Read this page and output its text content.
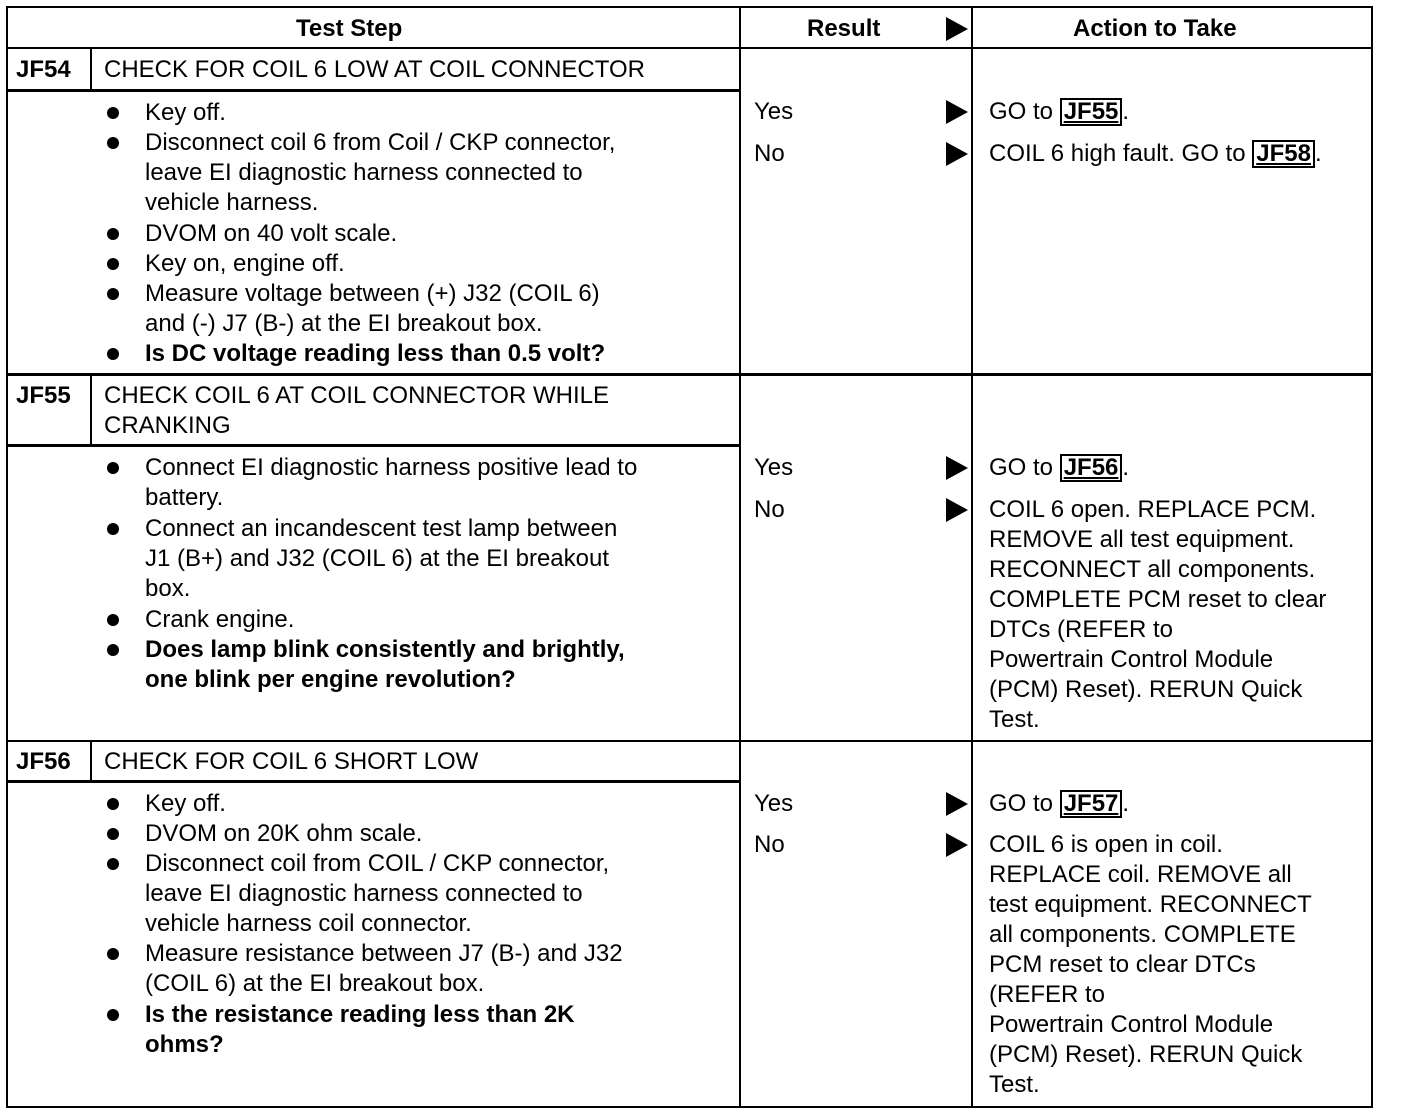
Test Step	Result	Action to Take
JF54 CHECK FOR COIL 6 LOW AT COIL CONNECTOR
Key off.
Disconnect coil 6 from Coil / CKP connector,
leave EI diagnostic harness connected to
vehicle harness.
DVOM on 40 volt scale.
Key on, engine off.
Measure voltage between (+) J32 (COIL 6)
and (-) J7 (B-) at the EI breakout box.
Is DC voltage reading less than 0.5 volt?
Yes	GO to JF55 .
No	COIL 6 high fault. GO to JF58 .
JF55 CHECK COIL 6 AT COIL CONNECTOR WHILE
CRANKING
Connect EI diagnostic harness positive lead to
battery.
Connect an incandescent test lamp between
J1 (B+) and J32 (COIL 6) at the EI breakout
box.
Crank engine.
Does lamp blink consistently and brightly,
one blink per engine revolution?
Yes	GO to JF56 .
No	COIL 6 open. REPLACE PCM.
REMOVE all test equipment.
RECONNECT all components.
COMPLETE PCM reset to clear
DTCs (REFER to
Powertrain Control Module
(PCM) Reset). RERUN Quick
Test.
JF56 CHECK FOR COIL 6 SHORT LOW
Key off.
DVOM on 20K ohm scale.
Disconnect coil from COIL / CKP connector,
leave EI diagnostic harness connected to
vehicle harness coil connector.
Measure resistance between J7 (B-) and J32
(COIL 6) at the EI breakout box.
Is the resistance reading less than 2K
ohms?
Yes	GO to JF57 .
No	COIL 6 is open in coil.
REPLACE coil. REMOVE all
test equipment. RECONNECT
all components. COMPLETE
PCM reset to clear DTCs
(REFER to
Powertrain Control Module
(PCM) Reset). RERUN Quick
Test.
